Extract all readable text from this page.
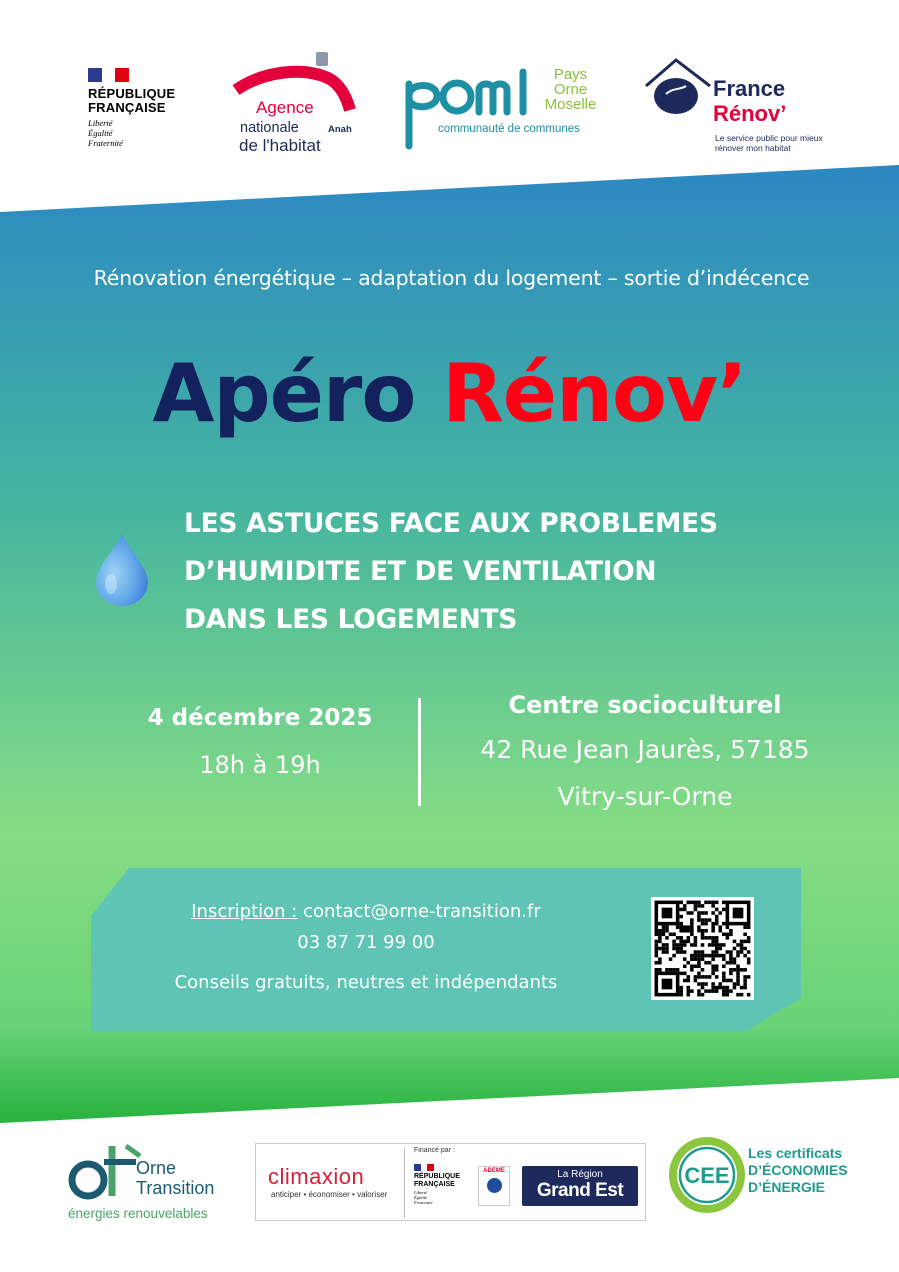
RÉPUBLIQUE
FRANÇAISE
Liberté
Égalité
Fraternité
Agence
nationale
de l'habitat
Anah
Pays
Orne
Moselle
communauté de communes
France
Rénov’
Le service public pour mieux rénover mon habitat
Rénovation énergétique – adaptation du logement – sortie d’indécence
Apéro Rénov’
LES ASTUCES FACE AUX PROBLEMES
D’HUMIDITE ET DE VENTILATION
DANS LES LOGEMENTS
4 décembre 2025
18h à 19h
Centre socioculturel
42 Rue Jean Jaurès, 57185
Vitry-sur-Orne
Inscription : contact@orne-transition.fr
03 87 71 99 00
Conseils gratuits, neutres et indépendants
Orne
Transition
énergies renouvelables
climaxion
anticiper • économiser • valoriser
Financé par :
RÉPUBLIQUE
FRANÇAISE
Liberté
Égalité
Fraternité
ADEME	La Région
Grand Est
CEE
Les certificats
D’ÉCONOMIES
D’ÉNERGIE
